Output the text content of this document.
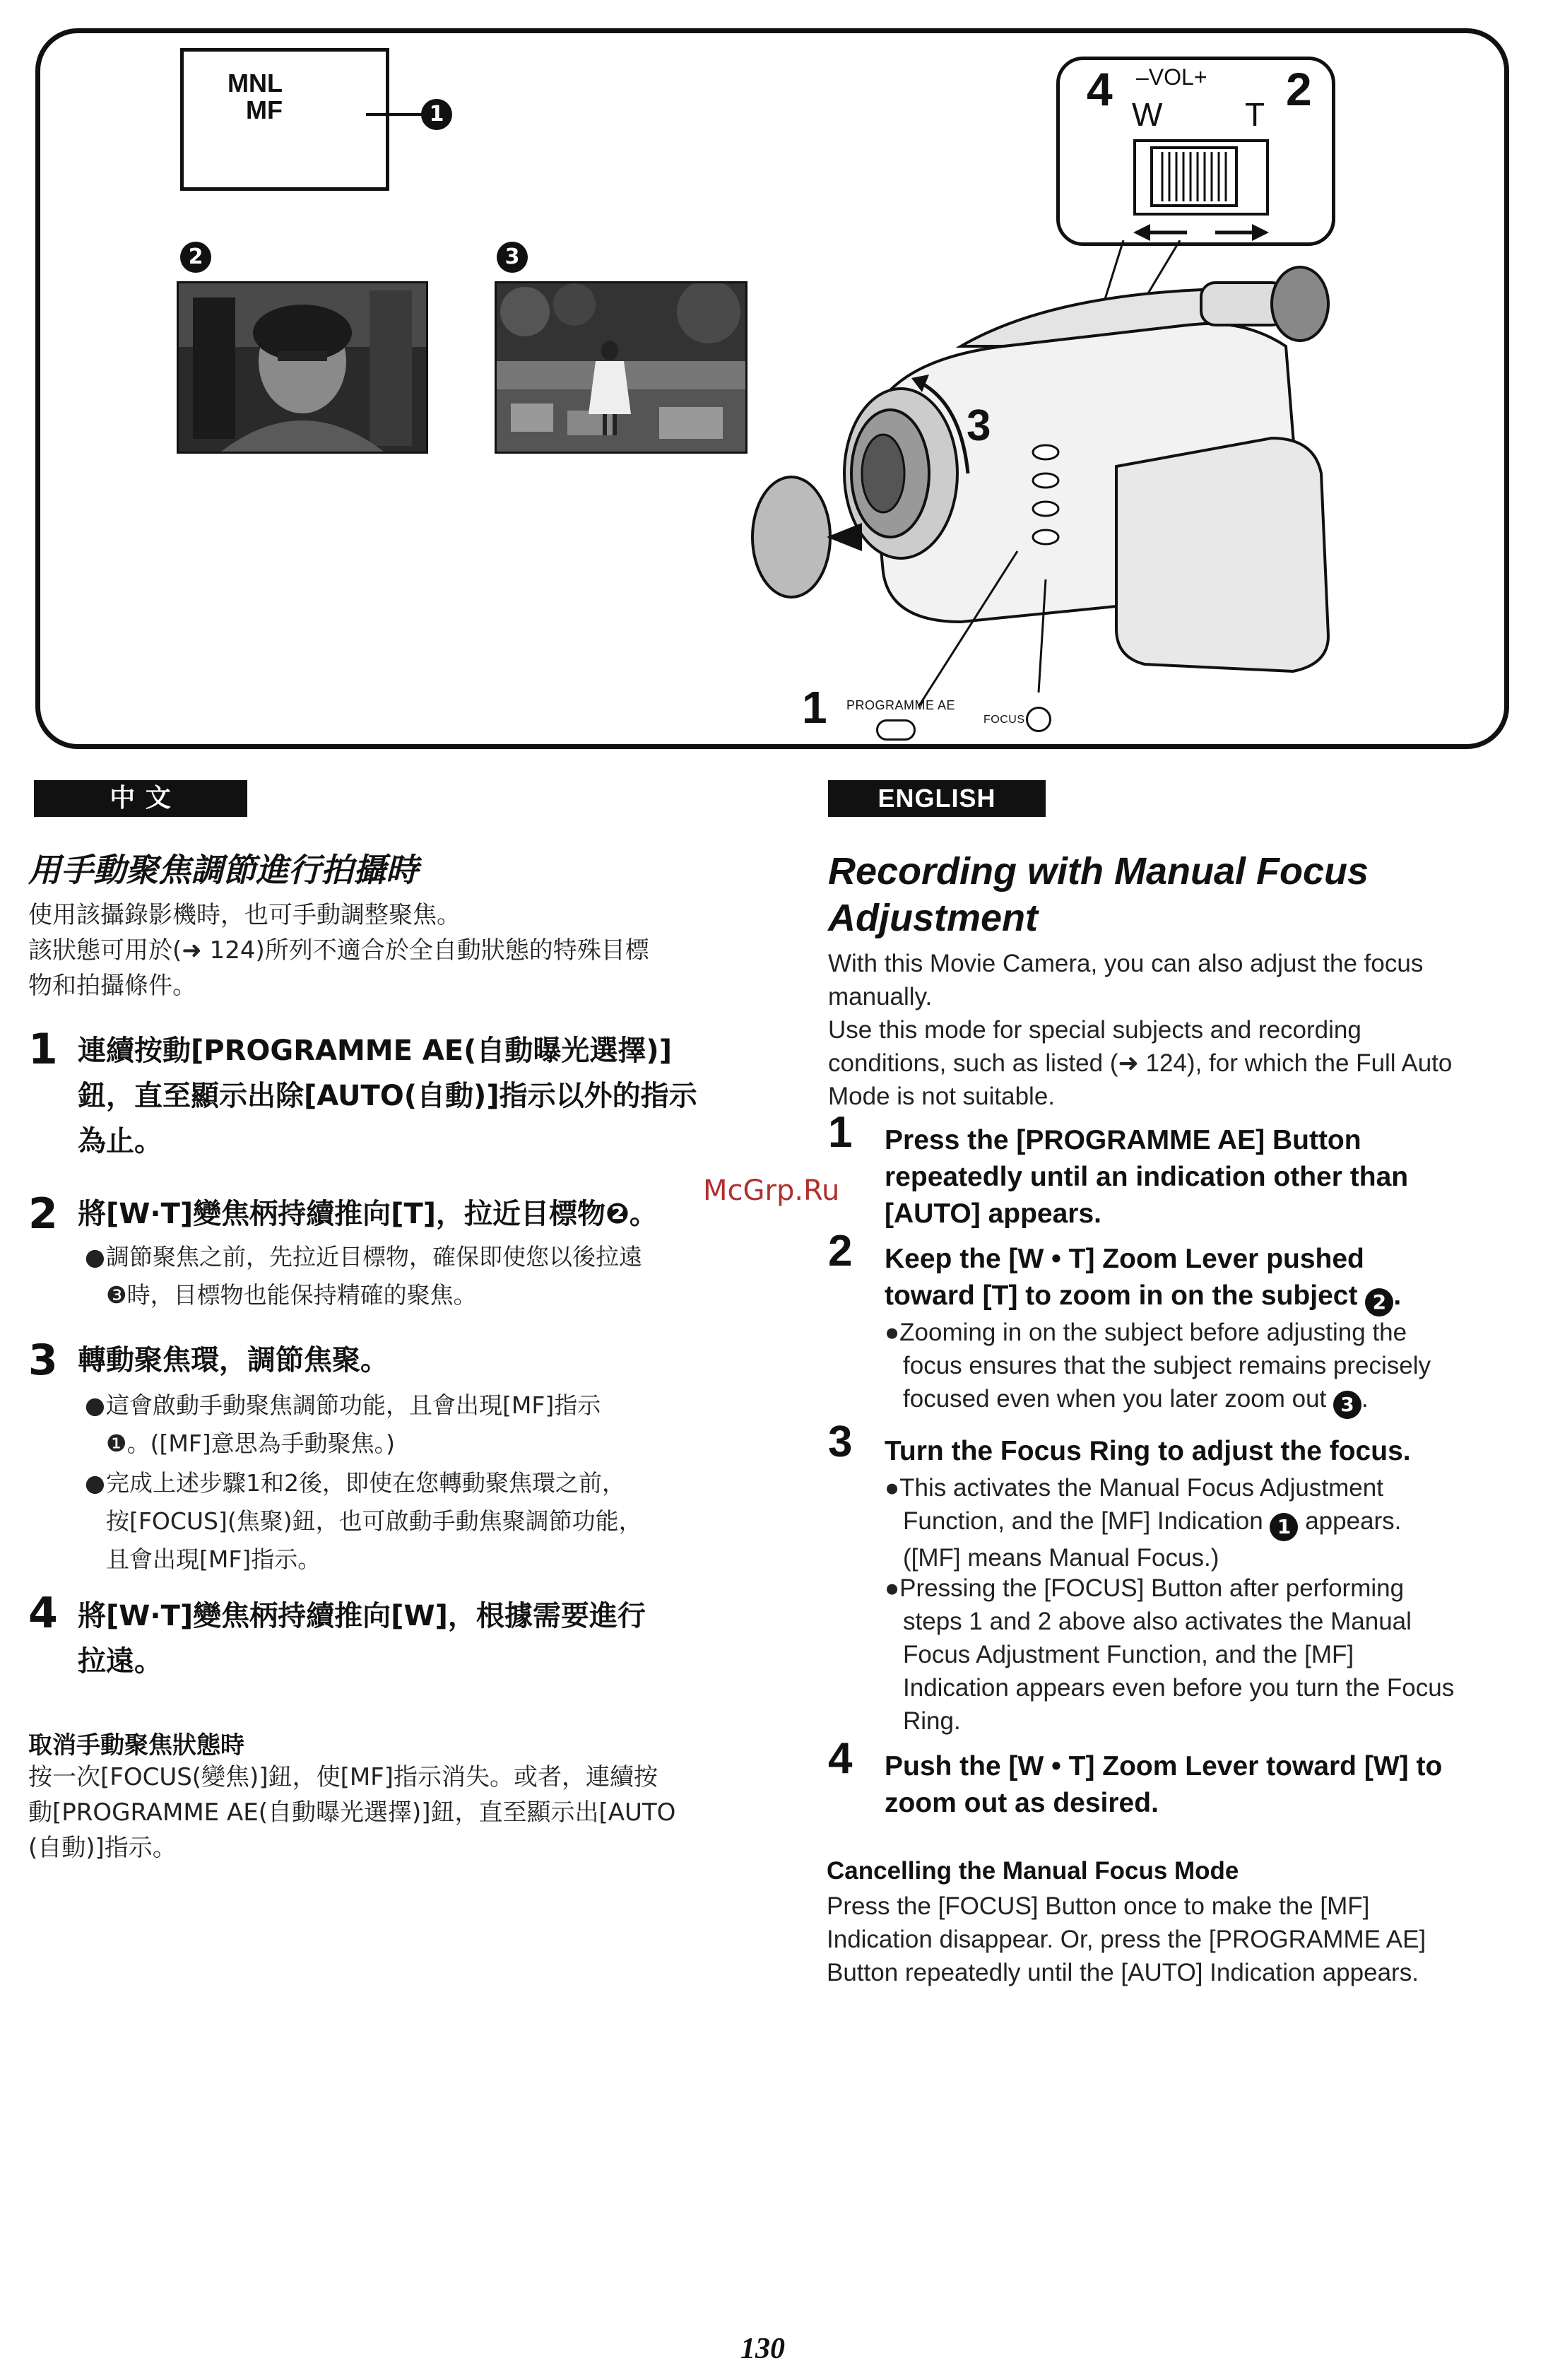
MNL
MF	1
2	3
4	2
–VOL+
W	T
3
1 PROGRAMME AE
FOCUS
中 文
用手動聚焦調節進行拍攝時
使用該攝錄影機時，也可手動調整聚焦。
該狀態可用於(➜ 124)所列不適合於全自動狀態的特殊目標
物和拍攝條件。
1 連續按動[PROGRAMME AE(自動曝光選擇)]
鈕，直至顯示出除[AUTO(自動)]指示以外的指示
為止。
2 將[W·T]變焦柄持續推向[T]，拉近目標物❷。
● 調節聚焦之前，先拉近目標物，確保即使您以後拉遠
❸時，目標物也能保持精確的聚焦。
3 轉動聚焦環，調節焦聚。
● 這會啟動手動聚焦調節功能，且會出現[MF]指示
❶。([MF]意思為手動聚焦。)
● 完成上述步驟1和2後，即使在您轉動聚焦環之前，
按[FOCUS](焦聚)鈕，也可啟動手動焦聚調節功能，
且會出現[MF]指示。
4 將[W·T]變焦柄持續推向[W]，根據需要進行
拉遠。
取消手動聚焦狀態時
按一次[FOCUS(變焦)]鈕，使[MF]指示消失。或者，連續按
動[PROGRAMME AE(自動曝光選擇)]鈕，直至顯示出[AUTO
(自動)]指示。
McGrp.Ru
ENGLISH
Recording with Manual Focus
Adjustment
With this Movie Camera, you can also adjust the focus
manually.
Use this mode for special subjects and recording
conditions, such as listed (➜ 124), for which the Full Auto
Mode is not suitable.
1 Press the [PROGRAMME AE] Button
repeatedly until an indication other than
[AUTO] appears.
2 Keep the [W • T] Zoom Lever pushed
toward [T] to zoom in on the subject 2 .
●Zooming in on the subject before adjusting the
focus ensures that the subject remains precisely
focused even when you later zoom out 3 .
3 Turn the Focus Ring to adjust the focus.
●This activates the Manual Focus Adjustment
Function, and the [MF] Indication 1 appears.
([MF] means Manual Focus.)
●Pressing the [FOCUS] Button after performing
steps 1 and 2 above also activates the Manual
Focus Adjustment Function, and the [MF]
Indication appears even before you turn the Focus
Ring.
4 Push the [W • T] Zoom Lever toward [W] to
zoom out as desired.
Cancelling the Manual Focus Mode
Press the [FOCUS] Button once to make the [MF]
Indication disappear. Or, press the [PROGRAMME AE]
Button repeatedly until the [AUTO] Indication appears.
130
